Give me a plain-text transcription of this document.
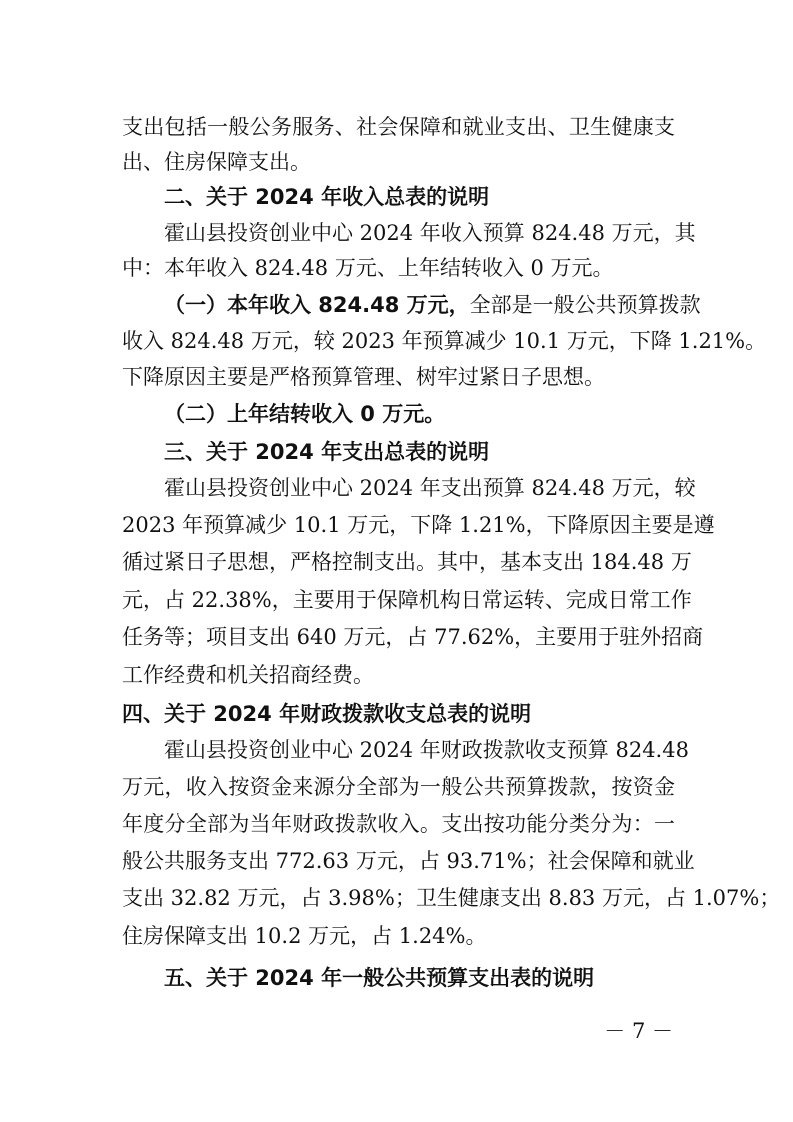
支出包括一般公务服务、社会保障和就业支出、卫生健康支
出、住房保障支出。
二、关于 2024 年收入总表的说明
霍山县投资创业中心 2024 年收入预算 824.48 万元，其
中：本年收入 824.48 万元、上年结转收入 0 万元。
（一）本年收入 824.48 万元，全部是一般公共预算拨款
收入 824.48 万元，较 2023 年预算减少 10.1 万元，下降 1.21%。
下降原因主要是严格预算管理、树牢过紧日子思想。
（二）上年结转收入 0 万元。
三、关于 2024 年支出总表的说明
霍山县投资创业中心 2024 年支出预算 824.48 万元，较
2023 年预算减少 10.1 万元，下降 1.21%，下降原因主要是遵
循过紧日子思想，严格控制支出。其中，基本支出 184.48 万
元，占 22.38%，主要用于保障机构日常运转、完成日常工作
任务等；项目支出 640 万元，占 77.62%，主要用于驻外招商
工作经费和机关招商经费。
四、关于 2024 年财政拨款收支总表的说明
霍山县投资创业中心 2024 年财政拨款收支预算 824.48
万元，收入按资金来源分全部为一般公共预算拨款，按资金
年度分全部为当年财政拨款收入。支出按功能分类分为：一
般公共服务支出 772.63 万元，占 93.71%；社会保障和就业
支出 32.82 万元，占 3.98%；卫生健康支出 8.83 万元，占 1.07%；
住房保障支出 10.2 万元，占 1.24%。
五、关于 2024 年一般公共预算支出表的说明
－ 7 －
